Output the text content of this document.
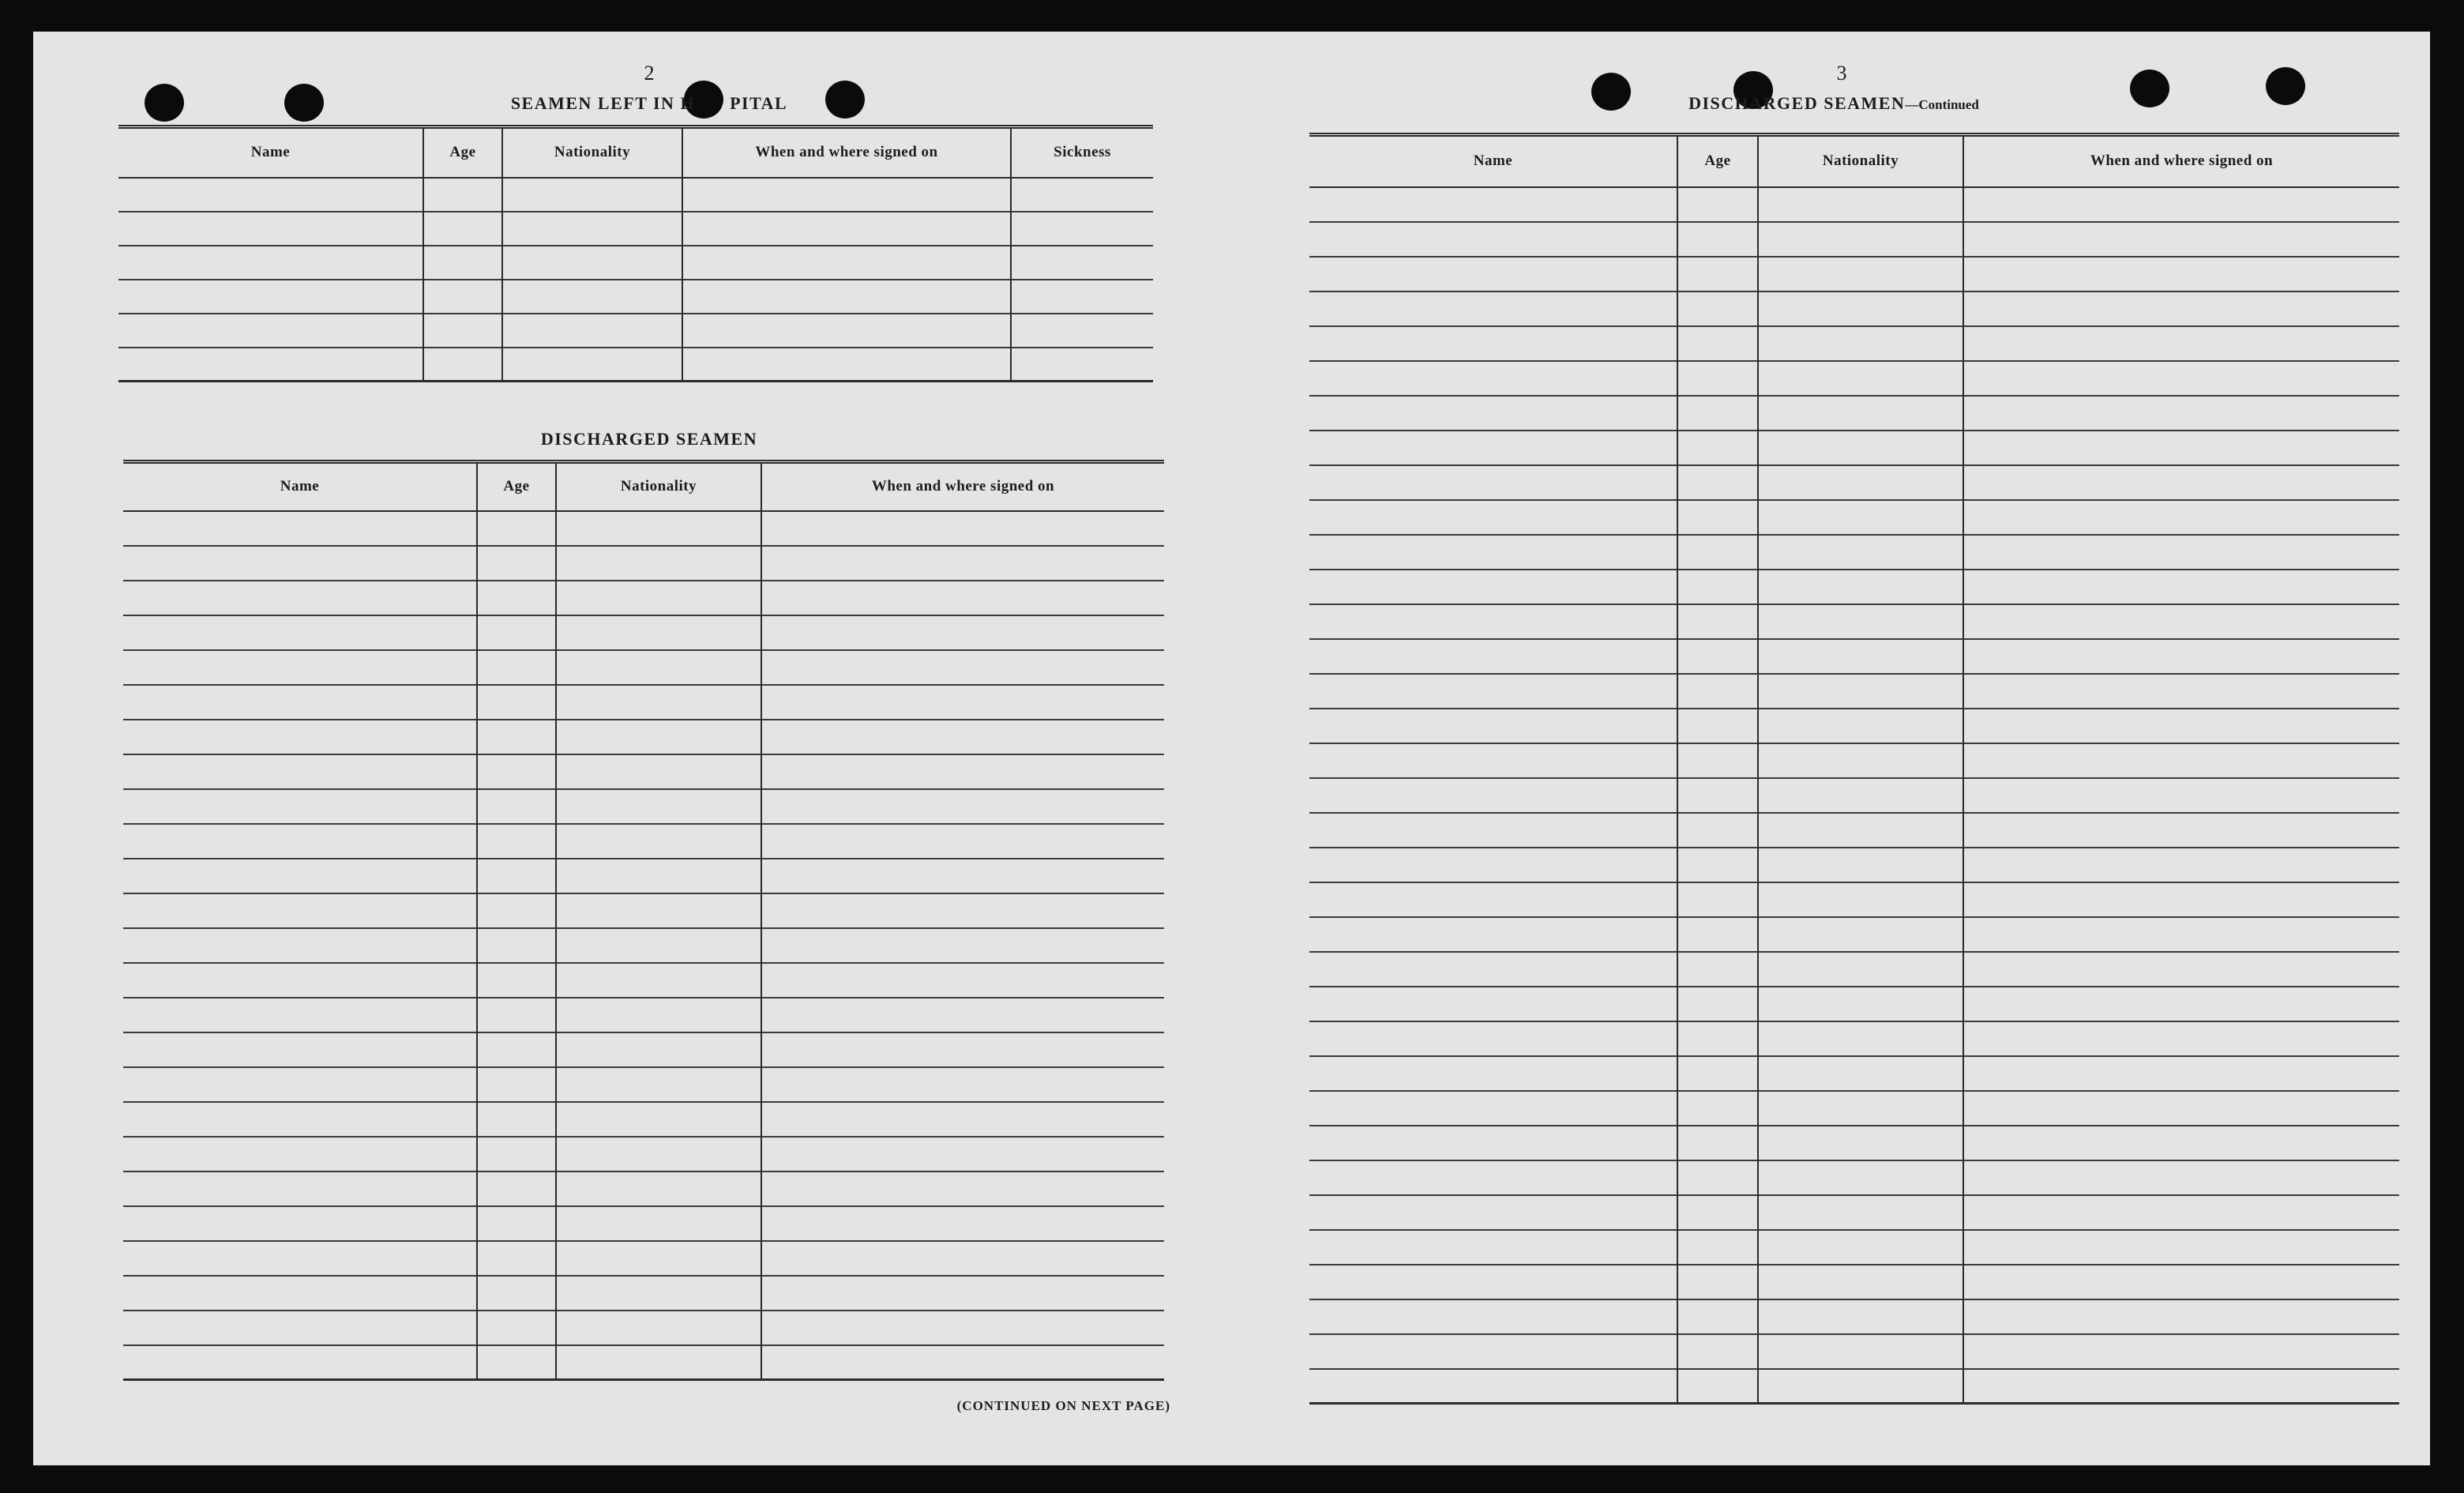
2
SEAMEN LEFT IN H PITAL
Name	Age	Nationality	When and where signed on	Sickness

DISCHARGED SEAMEN
Name	Age	Nationality	When and where signed on

(CONTINUED ON NEXT PAGE)
3
DISCHARGED SEAMEN—Continued
Name	Age	Nationality	When and where signed on
